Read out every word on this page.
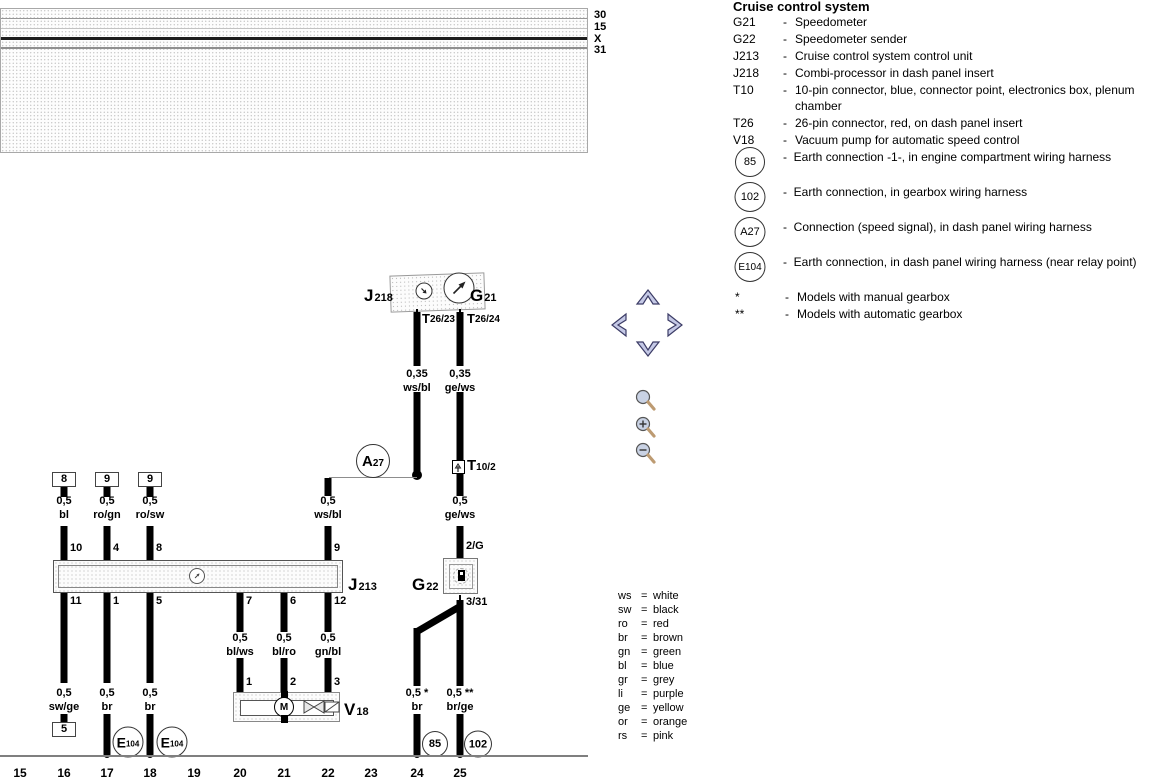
30
15
X
31
Cruise control system
G21	- Speedometer
G22	- Speedometer sender
J213	- Cruise control system control unit
J218	- Combi-processor in dash panel insert
T10	- 10-pin connector, blue, connector point, electronics box, plenum chamber
T26	- 26-pin connector, red, on dash panel insert
V18	- Vacuum pump for automatic speed control
85	- Earth connection -1-, in engine compartment wiring harness
102	- Earth connection, in gearbox wiring harness
A27	- Connection (speed signal), in dash panel wiring harness
E104	- Earth connection, in dash panel wiring harness (near relay point)
*	- Models with manual gearbox
**	- Models with automatic gearbox
J 218	G 21
T 26/23 T 26/24
A 27	T 10/2
8	9	9
0,35
ws/bl
0,35
ge/ws
0,5
bl
0,5
ro/gn
0,5
ro/sw
0,5
ws/bl
0,5
ge/ws
0,5
sw/ge
0,5
br
0,5
br
0,5
bl/ws
0,5
bl/ro
0,5
gn/bl
0,5 *
br
0,5 **
br/ge
10	4	8	9
J 213
11	1	5	7	6	12
2/G
G 22
3/31
1	2	3
M	V 18
5
E 104 E 104	85	102
15	16	17	18	19	20	21	22	23	24	25
ws = white
sw = black
ro = red
br = brown
gn = green
bl = blue
gr = grey
li = purple
ge = yellow
or = orange
rs = pink
